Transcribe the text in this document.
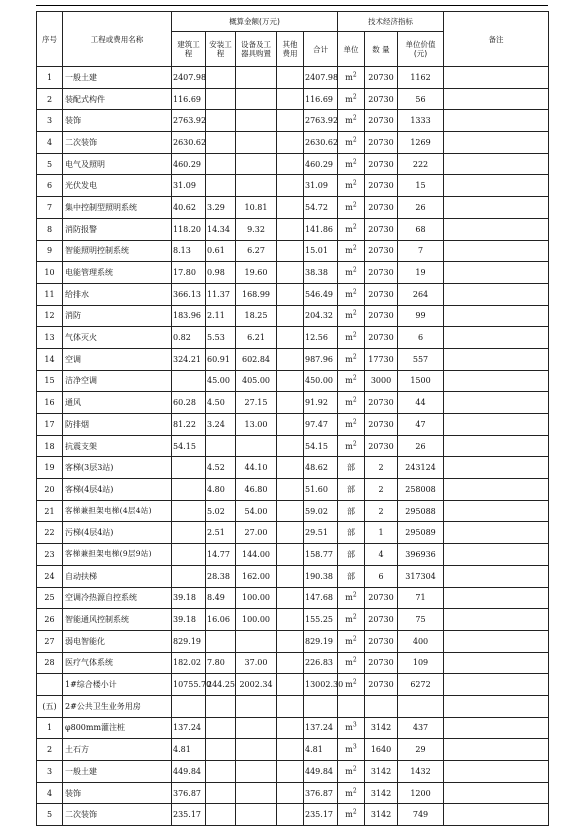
序号	工程或费用名称	概算金额(万元)					技术经济指标			备注
		建筑工程	安装工程	设备及工器具购置	其他费用	合计	单位	数 量	单位价值(元)	
1	一般土建	2407.98				2407.98	$m^2$	20730	1162	
2	装配式构件	116.69				116.69	$m^2$	20730	56	
3	装饰	2763.92				2763.92	$m^2$	20730	1333	
4	二次装饰	2630.62				2630.62	$m^2$	20730	1269	
5	电气及照明	460.29				460.29	$m^2$	20730	222	
6	光伏发电	31.09				31.09	$m^2$	20730	15	
7	集中控制型照明系统	40.62	3.29	10.81		54.72	$m^2$	20730	26	
8	消防报警	118.20	14.34	9.32		141.86	$m^2$	20730	68	
9	智能照明控制系统	8.13	0.61	6.27		15.01	$m^2$	20730	7	
10	电能管理系统	17.80	0.98	19.60		38.38	$m^2$	20730	19	
11	给排水	366.13	11.37	168.99		546.49	$m^2$	20730	264	
12	消防	183.96	2.11	18.25		204.32	$m^2$	20730	99	
13	气体灭火	0.82	5.53	6.21		12.56	$m^2$	20730	6	
14	空调	324.21	60.91	602.84		987.96	$m^2$	17730	557	
15	洁净空调		45.00	405.00		450.00	$m^2$	3000	1500	
16	通风	60.28	4.50	27.15		91.92	$m^2$	20730	44	
17	防排烟	81.22	3.24	13.00		97.47	$m^2$	20730	47	
18	抗震支架	54.15				54.15	$m^2$	20730	26	
19	客梯(3层3站)		4.52	44.10		48.62	部	2	243124	
20	客梯(4层4站)		4.80	46.80		51.60	部	2	258008	
21	客梯兼担架电梯(4层4站)		5.02	54.00		59.02	部	2	295088	
22	污梯(4层4站)		2.51	27.00		29.51	部	1	295089	
23	客梯兼担架电梯(9层9站)		14.77	144.00		158.77	部	4	396936	
24	自动扶梯		28.38	162.00		190.38	部	6	317304	
25	空调冷热源自控系统	39.18	8.49	100.00		147.68	$m^2$	20730	71	
26	智能通风控制系统	39.18	16.06	100.00		155.25	$m^2$	20730	75	
27	弱电智能化	829.19				829.19	$m^2$	20730	400	
28	医疗气体系统	182.02	7.80	37.00		226.83	$m^2$	20730	109	
	1#综合楼小计	10755.70	244.25	2002.34		13002.30	$m^2$	20730	6272	
(五)	2#公共卫生业务用房									
1	φ800mm灌注桩	137.24				137.24	$m^3$	3142	437	
2	土石方	4.81				4.81	$m^3$	1640	29	
3	一般土建	449.84				449.84	$m^2$	3142	1432	
4	装饰	376.87				376.87	$m^2$	3142	1200	
5	二次装饰	235.17				235.17	$m^2$	3142	749	
